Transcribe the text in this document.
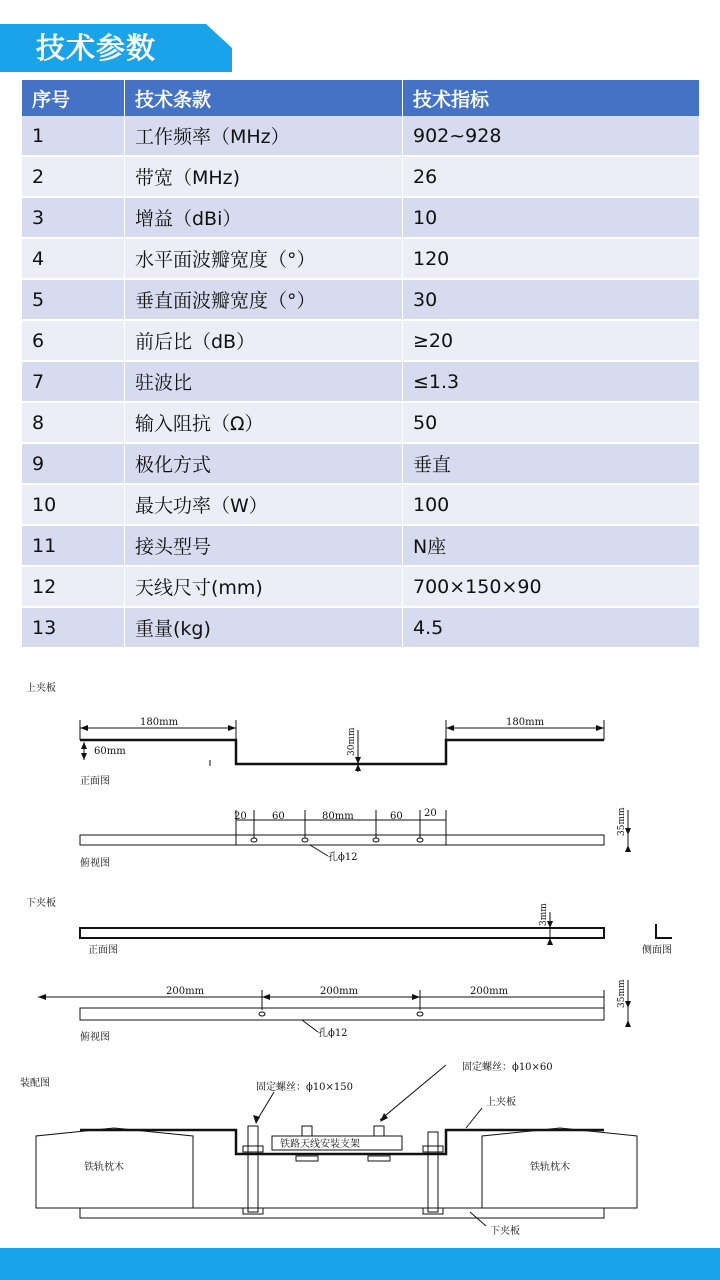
技术参数
序号	技术条款	技术指标
1	工作频率（MHz）	902~928
2	带宽（MHz)	26
3	增益（dBi）	10
4	水平面波瓣宽度（°）	120
5	垂直面波瓣宽度（°）	30
6	前后比（dB）	≥20
7	驻波比	≤1.3
8	输入阻抗（Ω）	50
9	极化方式	垂直
10	最大功率（W）	100
11	接头型号	N座
12	天线尺寸(mm)	700×150×90
13	重量(kg)	4.5
上夹板
180mm	180mm
60mm	30mm
正面图
20	60	80mm	60 20	35mm
孔ϕ12
俯视图
下夹板	3mm
正面图	侧面图
200mm	200mm	200mm	35mm
孔ϕ12
俯视图
装配图
固定螺丝：ϕ10×60
固定螺丝：ϕ10×150
上夹板
铁路天线安装支架
铁轨枕木	铁轨枕木
下夹板
